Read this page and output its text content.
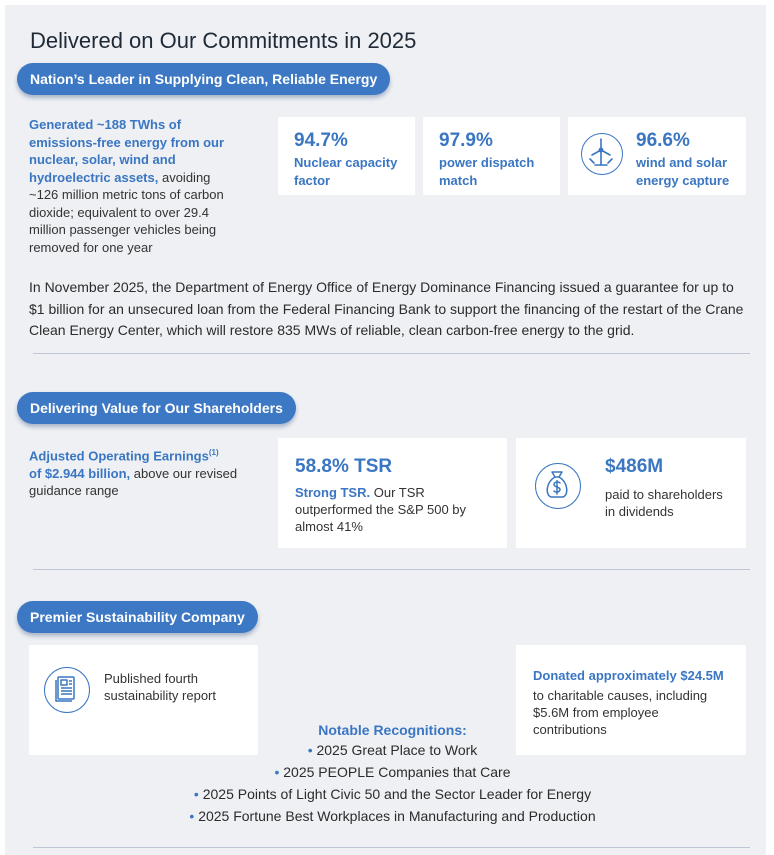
Delivered on Our Commitments in 2025
Nation’s Leader in Supplying Clean, Reliable Energy
Generated ~188 TWhs of emissions-free energy from our nuclear, solar, wind and hydroelectric assets, avoiding ~126 million metric tons of carbon dioxide; equivalent to over 29.4 million passenger vehicles being removed for one year
94.7%
Nuclear capacity factor
97.9%
power dispatch match
96.6%
wind and solar energy capture

In November 2025, the Department of Energy Office of Energy Dominance Financing issued a guarantee for up to $1 billion for an unsecured loan from the Federal Financing Bank to support the financing of the restart of the Crane Clean Energy Center, which will restore 835 MWs of reliable, clean carbon-free energy to the grid.

Delivering Value for Our Shareholders
Adjusted Operating Earnings$^{(1)}$
of $2.944 billion, above our revised guidance range
58.8% TSR
Strong TSR. Our TSR outperformed the S&P 500 by almost 41%
$486M
paid to shareholders in dividends
Premier Sustainability Company
Published fourth sustainability report
Donated approximately $24.5M
to charitable causes, including $5.6M from employee contributions
Notable Recognitions:
• 2025 Great Place to Work
• 2025 PEOPLE Companies that Care
• 2025 Points of Light Civic 50 and the Sector Leader for Energy
• 2025 Fortune Best Workplaces in Manufacturing and Production
